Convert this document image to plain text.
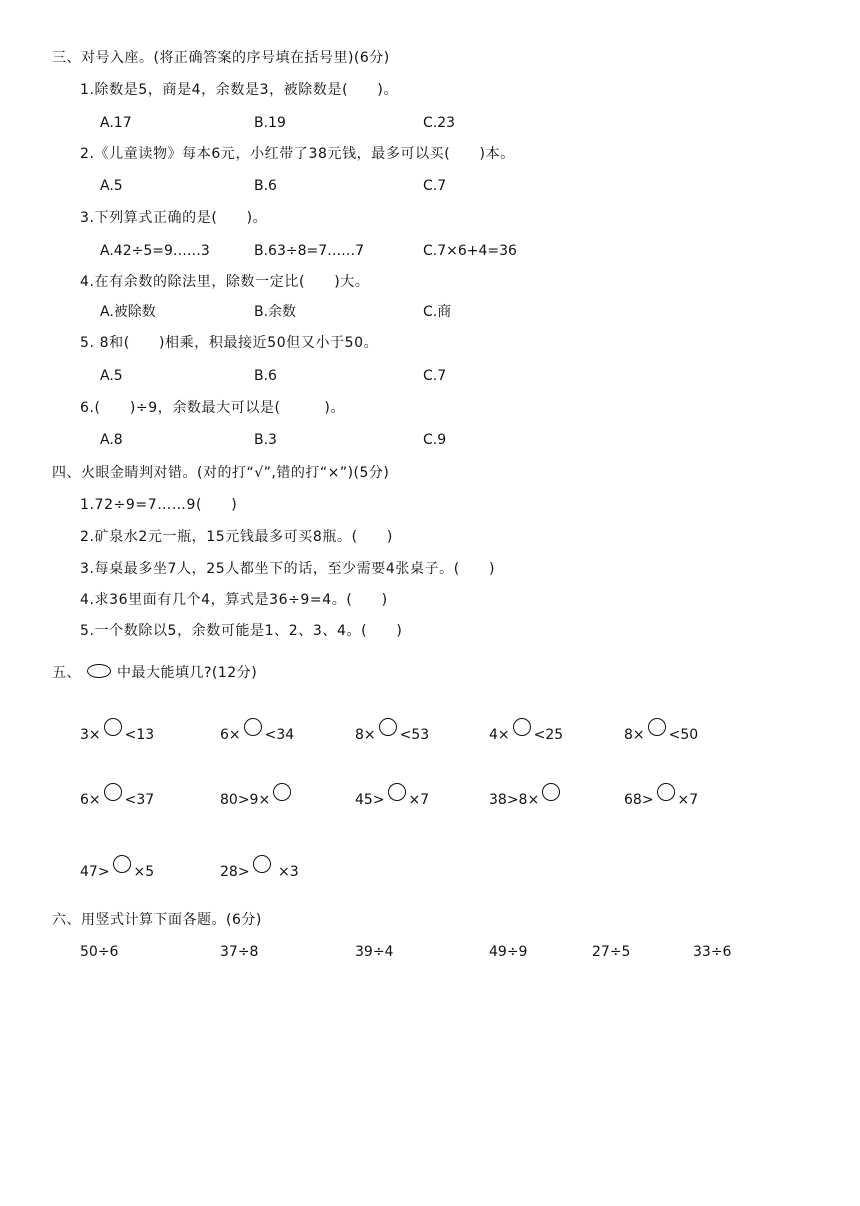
三、对号入座。(将正确答案的序号填在括号里)(6分)
1.除数是5，商是4，余数是3，被除数是(　　)。
A.17	B.19	C.23
2.《儿童读物》每本6元，小红带了38元钱，最多可以买(　　)本。
A.5	B.6	C.7
3.下列算式正确的是(　　)。
A.42÷5=9……3	B.63÷8=7……7	C.7×6+4=36
4.在有余数的除法里，除数一定比(　　)大。
A.被除数	B.余数	C.商
5. 8和(　　)相乘，积最接近50但又小于50。
A.5	B.6	C.7
6.(　　)÷9，余数最大可以是(　　　)。
A.8	B.3	C.9
四、火眼金睛判对错。(对的打“√”,错的打“×”)(5分)
1.72÷9=7……9(　　)
2.矿泉水2元一瓶，15元钱最多可买8瓶。(　　)
3.每桌最多坐7人，25人都坐下的话，至少需要4张桌子。(　　)
4.求36里面有几个4，算式是36÷9=4。(　　)
5.一个数除以5，余数可能是1、2、3、4。(　　)
五、	中最大能填几?(12分)
3× <13	6× <34	8× <53	4× <25	8× <50
6× <37	80>9×	45> ×7	38>8×	68> ×7
47> ×5	28> ×3
六、用竖式计算下面各题。(6分)
50÷6	37÷8	39÷4	49÷9	27÷5	33÷6
